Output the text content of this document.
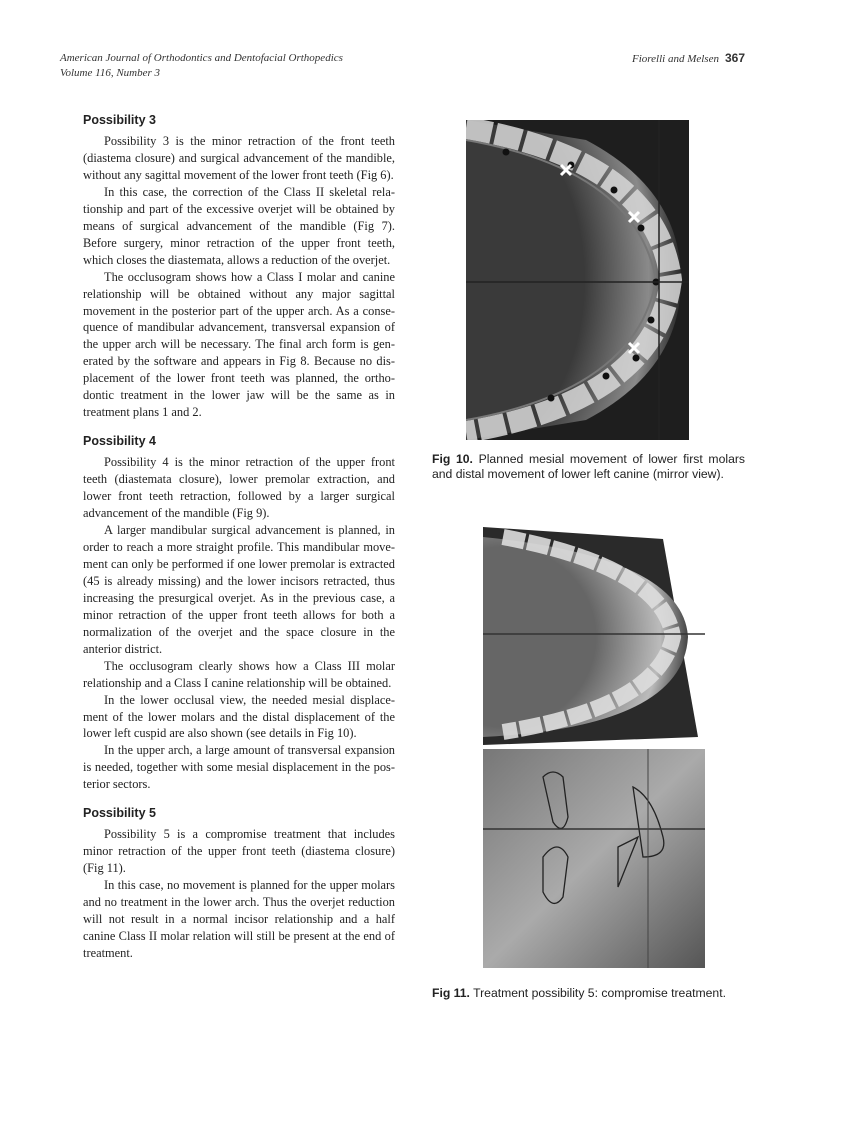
American Journal of Orthodontics and Dentofacial Orthopedics
Volume 116, Number 3
Fiorelli and Melsen 367
Possibility 3

Possibility 3 is the minor retraction of the front teeth (diastema closure) and surgical advancement of the mandible, without any sagittal movement of the lower front teeth (Fig 6).

In this case, the correction of the Class II skeletal relationship and part of the excessive overjet will be obtained by means of surgical advancement of the mandible (Fig 7). Before surgery, minor retraction of the upper front teeth, which closes the diastemata, allows a reduction of the overjet.

The occlusogram shows how a Class I molar and canine relationship will be obtained without any major sagittal movement in the posterior part of the upper arch. As a consequence of mandibular advancement, transversal expansion of the upper arch will be necessary. The final arch form is generated by the software and appears in Fig 8. Because no displacement of the lower front teeth was planned, the orthodontic treatment in the lower jaw will be the same as in treatment plans 1 and 2.

Possibility 4

Possibility 4 is the minor retraction of the upper front teeth (diastemata closure), lower premolar extraction, and lower front teeth retraction, followed by a larger surgical advancement of the mandible (Fig 9).

A larger mandibular surgical advancement is planned, in order to reach a more straight profile. This mandibular movement can only be performed if one lower premolar is extracted (45 is already missing) and the lower incisors retracted, thus increasing the presurgical overjet. As in the previous case, a minor retraction of the upper front teeth allows for both a normalization of the overjet and the space closure in the anterior district.

The occlusogram clearly shows how a Class III molar relationship and a Class I canine relationship will be obtained.

In the lower occlusal view, the needed mesial displacement of the lower molars and the distal displacement of the lower left cuspid are also shown (see details in Fig 10).

In the upper arch, a large amount of transversal expansion is needed, together with some mesial displacement in the posterior sectors.

Possibility 5

Possibility 5 is a compromise treatment that includes minor retraction of the upper front teeth (diastema closure) (Fig 11).

In this case, no movement is planned for the upper molars and no treatment in the lower arch. Thus the overjet reduction will not result in a normal incisor relationship and a half canine Class II molar relation will still be present at the end of treatment.

Fig 10. Planned mesial movement of lower first molars and distal movement of lower left canine (mirror view).
Fig 11. Treatment possibility 5: compromise treatment.
